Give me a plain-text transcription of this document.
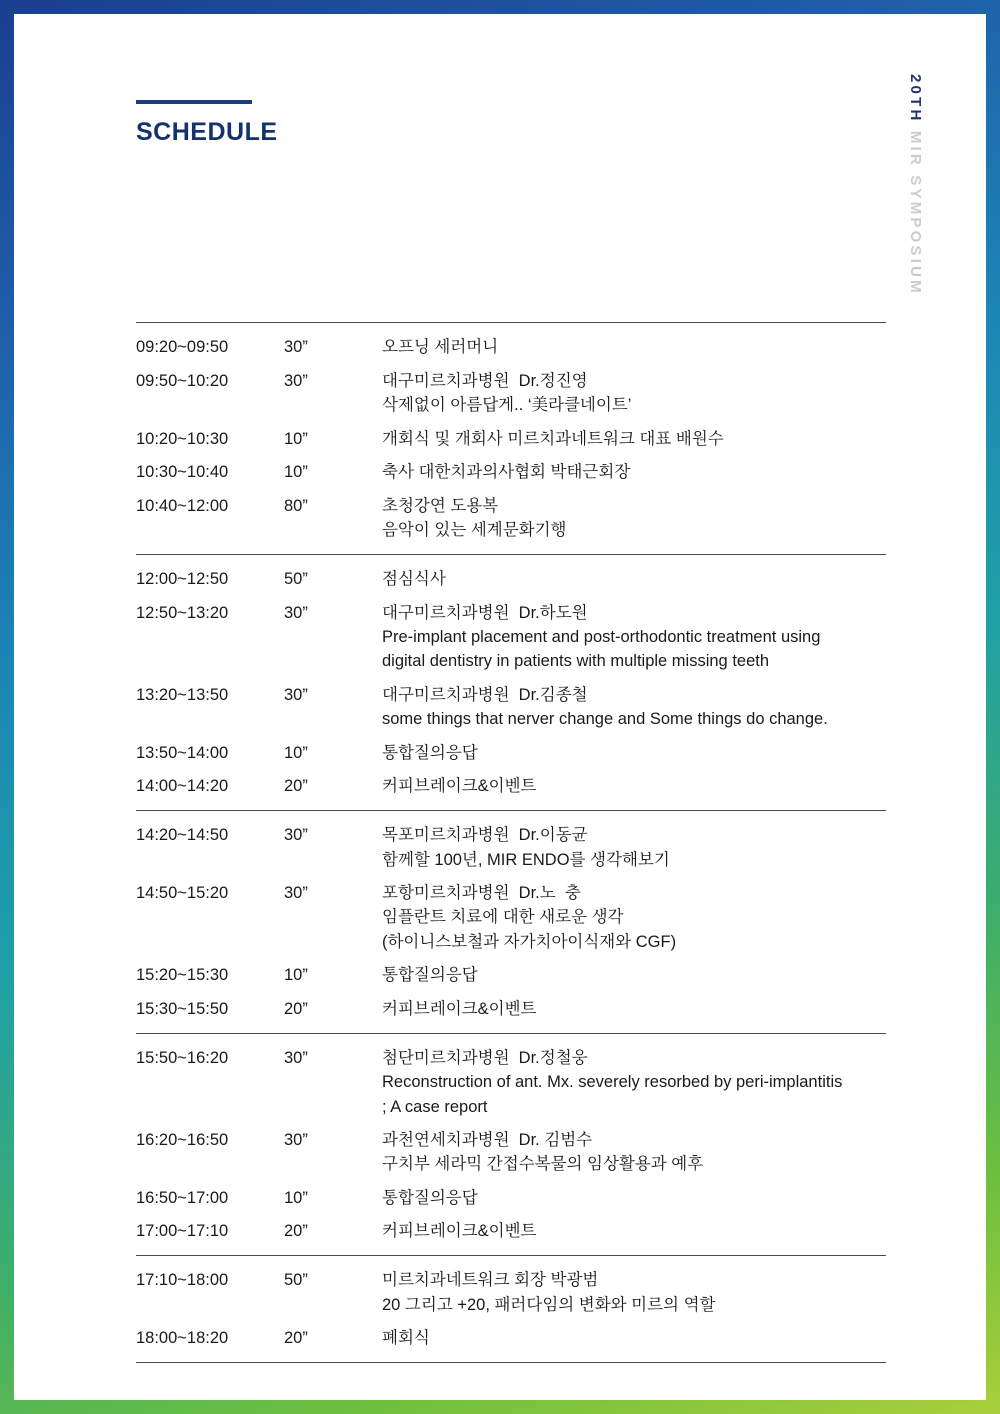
20TH MIR SYMPOSIUM
SCHEDULE
09:20~09:50	30”	오프닝 세러머니
09:50~10:20	30”	대구미르치과병원  Dr.정진영
삭제없이 아름답게.. ‘美라클네이트’
10:20~10:30	10”	개회식 및 개회사 미르치과네트워크 대표 배원수
10:30~10:40	10”	축사 대한치과의사협회 박태근회장
10:40~12:00	80”	초청강연 도용복
음악이 있는 세계문화기행
12:00~12:50	50”	점심식사
12:50~13:20	30”	대구미르치과병원  Dr.하도원
Pre-implant placement and post-orthodontic treatment using
digital dentistry in patients with multiple missing teeth
13:20~13:50	30”	대구미르치과병원  Dr.김종철
some things that nerver change and Some things do change.
13:50~14:00	10”	통합질의응답
14:00~14:20	20”	커피브레이크&이벤트
14:20~14:50	30”	목포미르치과병원  Dr.이동균
함께할 100년, MIR ENDO를 생각해보기
14:50~15:20	30”	포항미르치과병원  Dr.노  충
임플란트 치료에 대한 새로운 생각
(하이니스보철과 자가치아이식재와 CGF)
15:20~15:30	10”	통합질의응답
15:30~15:50	20”	커피브레이크&이벤트
15:50~16:20	30”	첨단미르치과병원  Dr.정철웅
Reconstruction of ant. Mx. severely resorbed by peri-implantitis
; A case report
16:20~16:50	30”	과천연세치과병원  Dr. 김범수
구치부 세라믹 간접수복물의 임상활용과 예후
16:50~17:00	10”	통합질의응답
17:00~17:10	20”	커피브레이크&이벤트
17:10~18:00	50”	미르치과네트워크 회장 박광범
20 그리고 +20, 패러다임의 변화와 미르의 역할
18:00~18:20	20”	폐회식
